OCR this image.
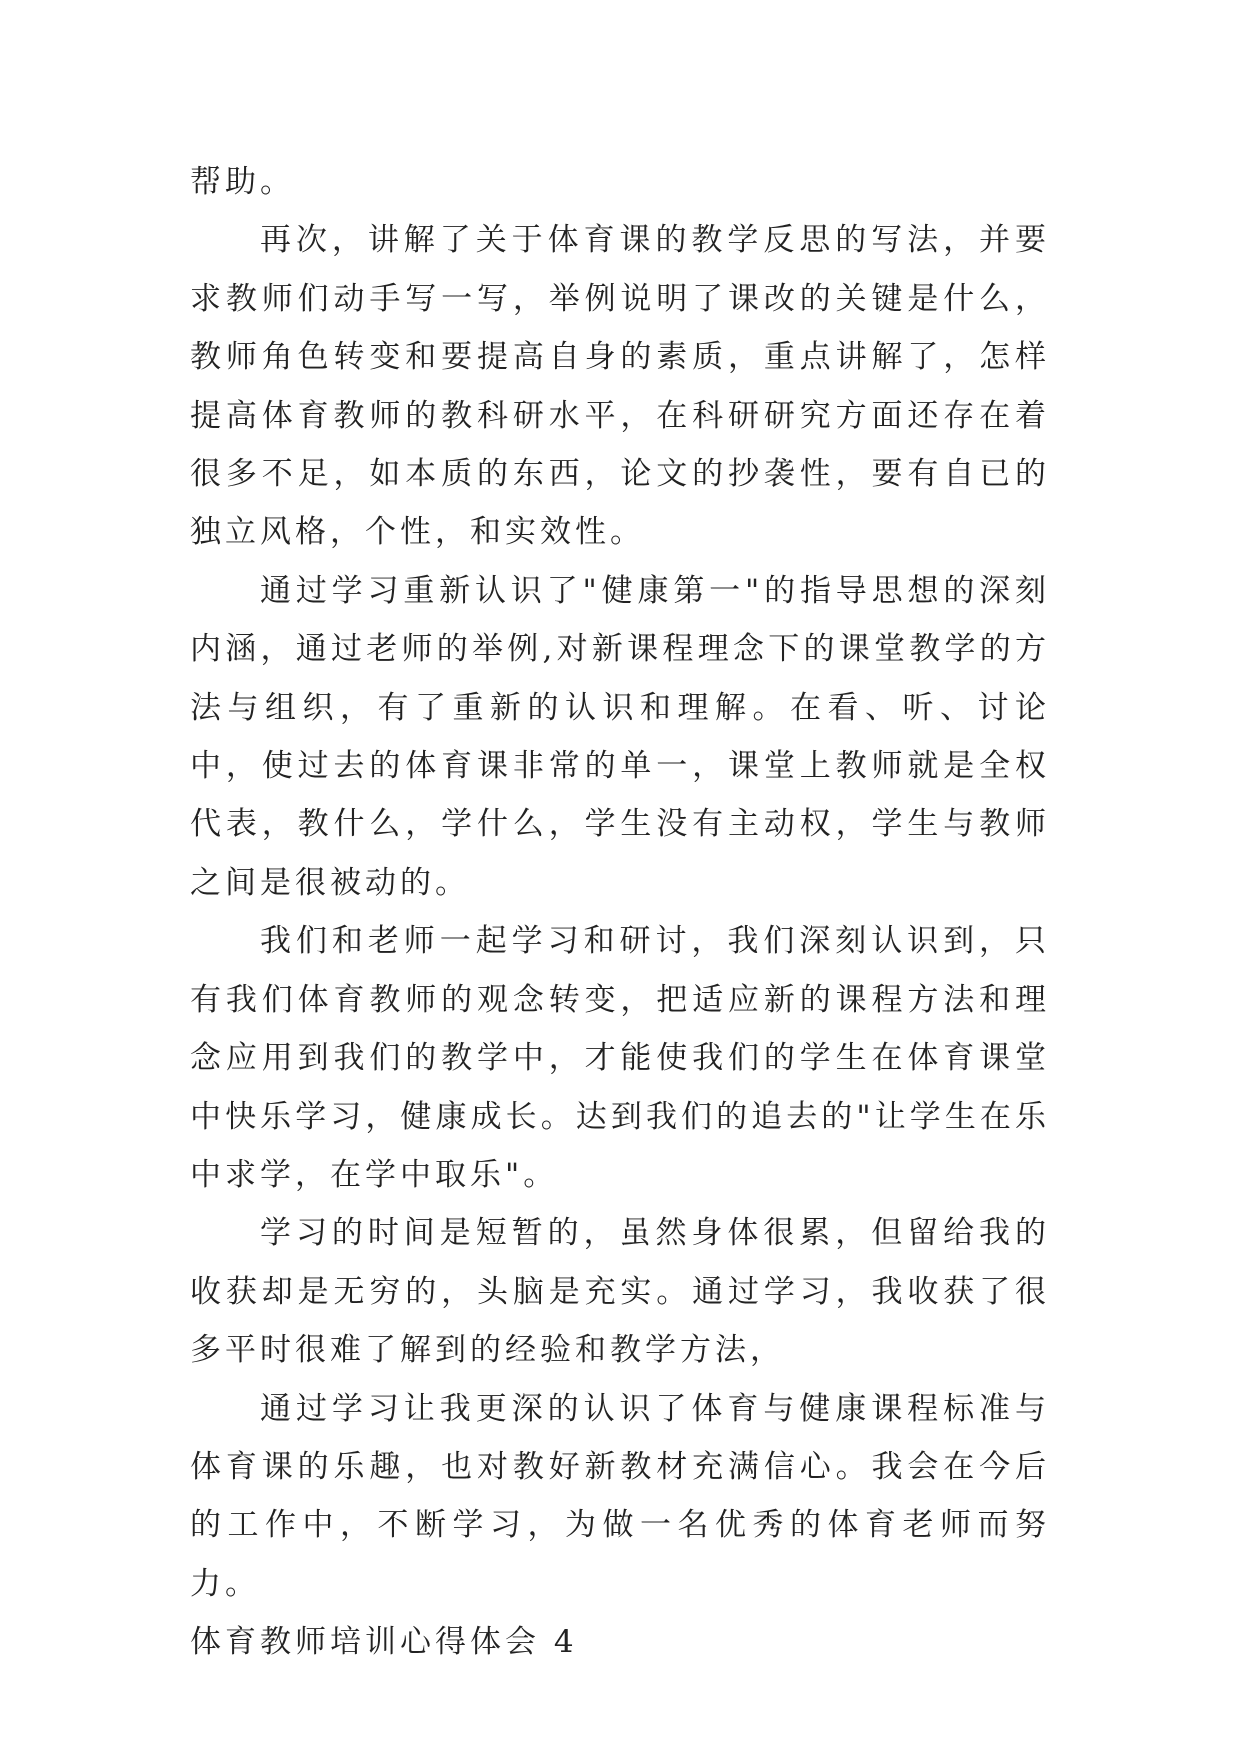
帮助。

再次，讲解了关于体育课的教学反思的写法，并要求教师们动手写一写，举例说明了课改的关键是什么，教师角色转变和要提高自身的素质，重点讲解了，怎样提高体育教师的教科研水平，在科研研究方面还存在着很多不足，如本质的东西，论文的抄袭性，要有自已的独立风格，个性，和实效性。

通过学习重新认识了"健康第一"的指导思想的深刻内涵，通过老师的举例,对新课程理念下的课堂教学的方法与组织，有了重新的认识和理解。在看、听、讨论中，使过去的体育课非常的单一，课堂上教师就是全权代表，教什么，学什么，学生没有主动权，学生与教师之间是很被动的。

我们和老师一起学习和研讨，我们深刻认识到，只有我们体育教师的观念转变，把适应新的课程方法和理念应用到我们的教学中，才能使我们的学生在体育课堂中快乐学习，健康成长。达到我们的追去的"让学生在乐中求学，在学中取乐"。

学习的时间是短暂的，虽然身体很累，但留给我的收获却是无穷的，头脑是充实。通过学习，我收获了很多平时很难了解到的经验和教学方法，

通过学习让我更深的认识了体育与健康课程标准与体育课的乐趣，也对教好新教材充满信心。我会在今后的工作中，不断学习，为做一名优秀的体育老师而努力。

体育教师培训心得体会 4
